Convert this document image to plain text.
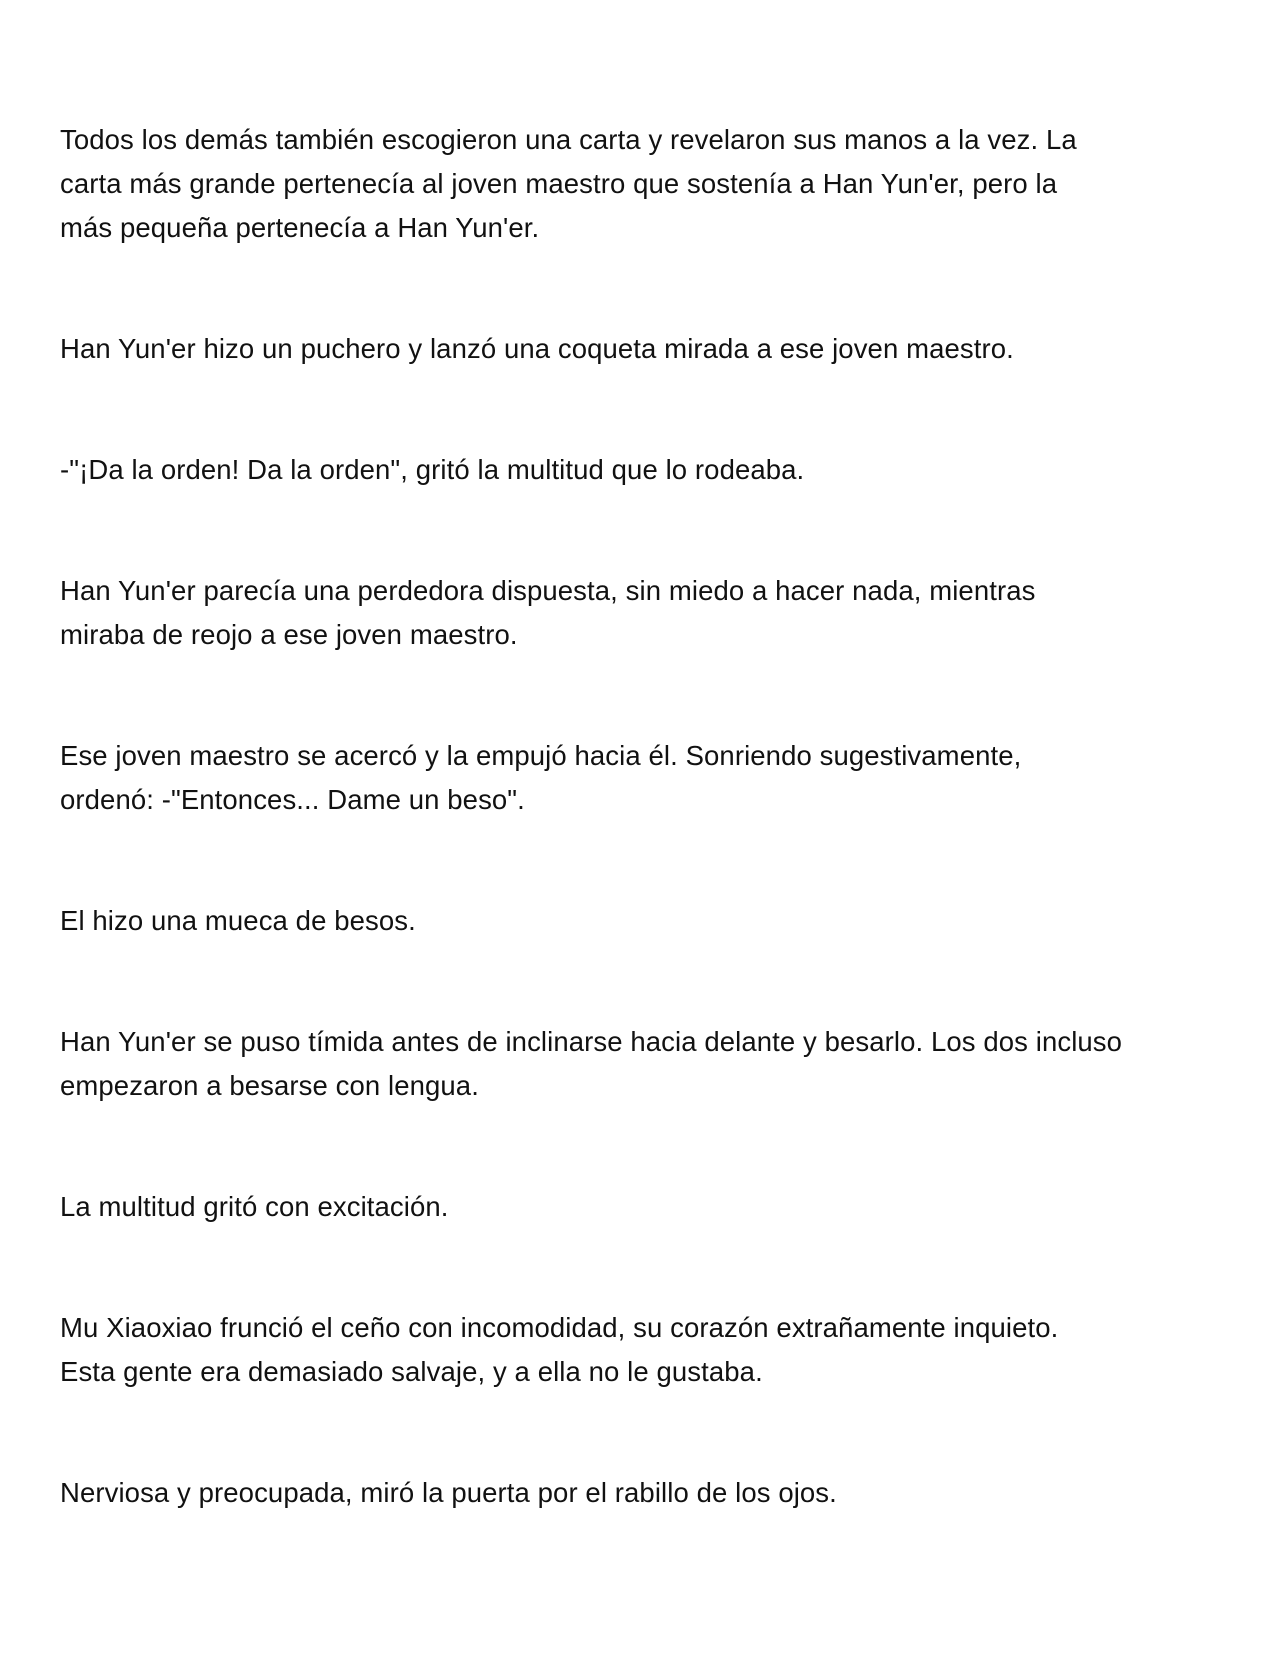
Todos los demás también escogieron una carta y revelaron sus manos a la vez. La
carta más grande pertenecía al joven maestro que sostenía a Han Yun'er, pero la
más pequeña pertenecía a Han Yun'er.

Han Yun'er hizo un puchero y lanzó una coqueta mirada a ese joven maestro.

-"¡Da la orden! Da la orden", gritó la multitud que lo rodeaba.

Han Yun'er parecía una perdedora dispuesta, sin miedo a hacer nada, mientras
miraba de reojo a ese joven maestro.

Ese joven maestro se acercó y la empujó hacia él. Sonriendo sugestivamente,
ordenó: -"Entonces... Dame un beso".

El hizo una mueca de besos.

Han Yun'er se puso tímida antes de inclinarse hacia delante y besarlo. Los dos incluso
empezaron a besarse con lengua.

La multitud gritó con excitación.

Mu Xiaoxiao frunció el ceño con incomodidad, su corazón extrañamente inquieto.
Esta gente era demasiado salvaje, y a ella no le gustaba.

Nerviosa y preocupada, miró la puerta por el rabillo de los ojos.
